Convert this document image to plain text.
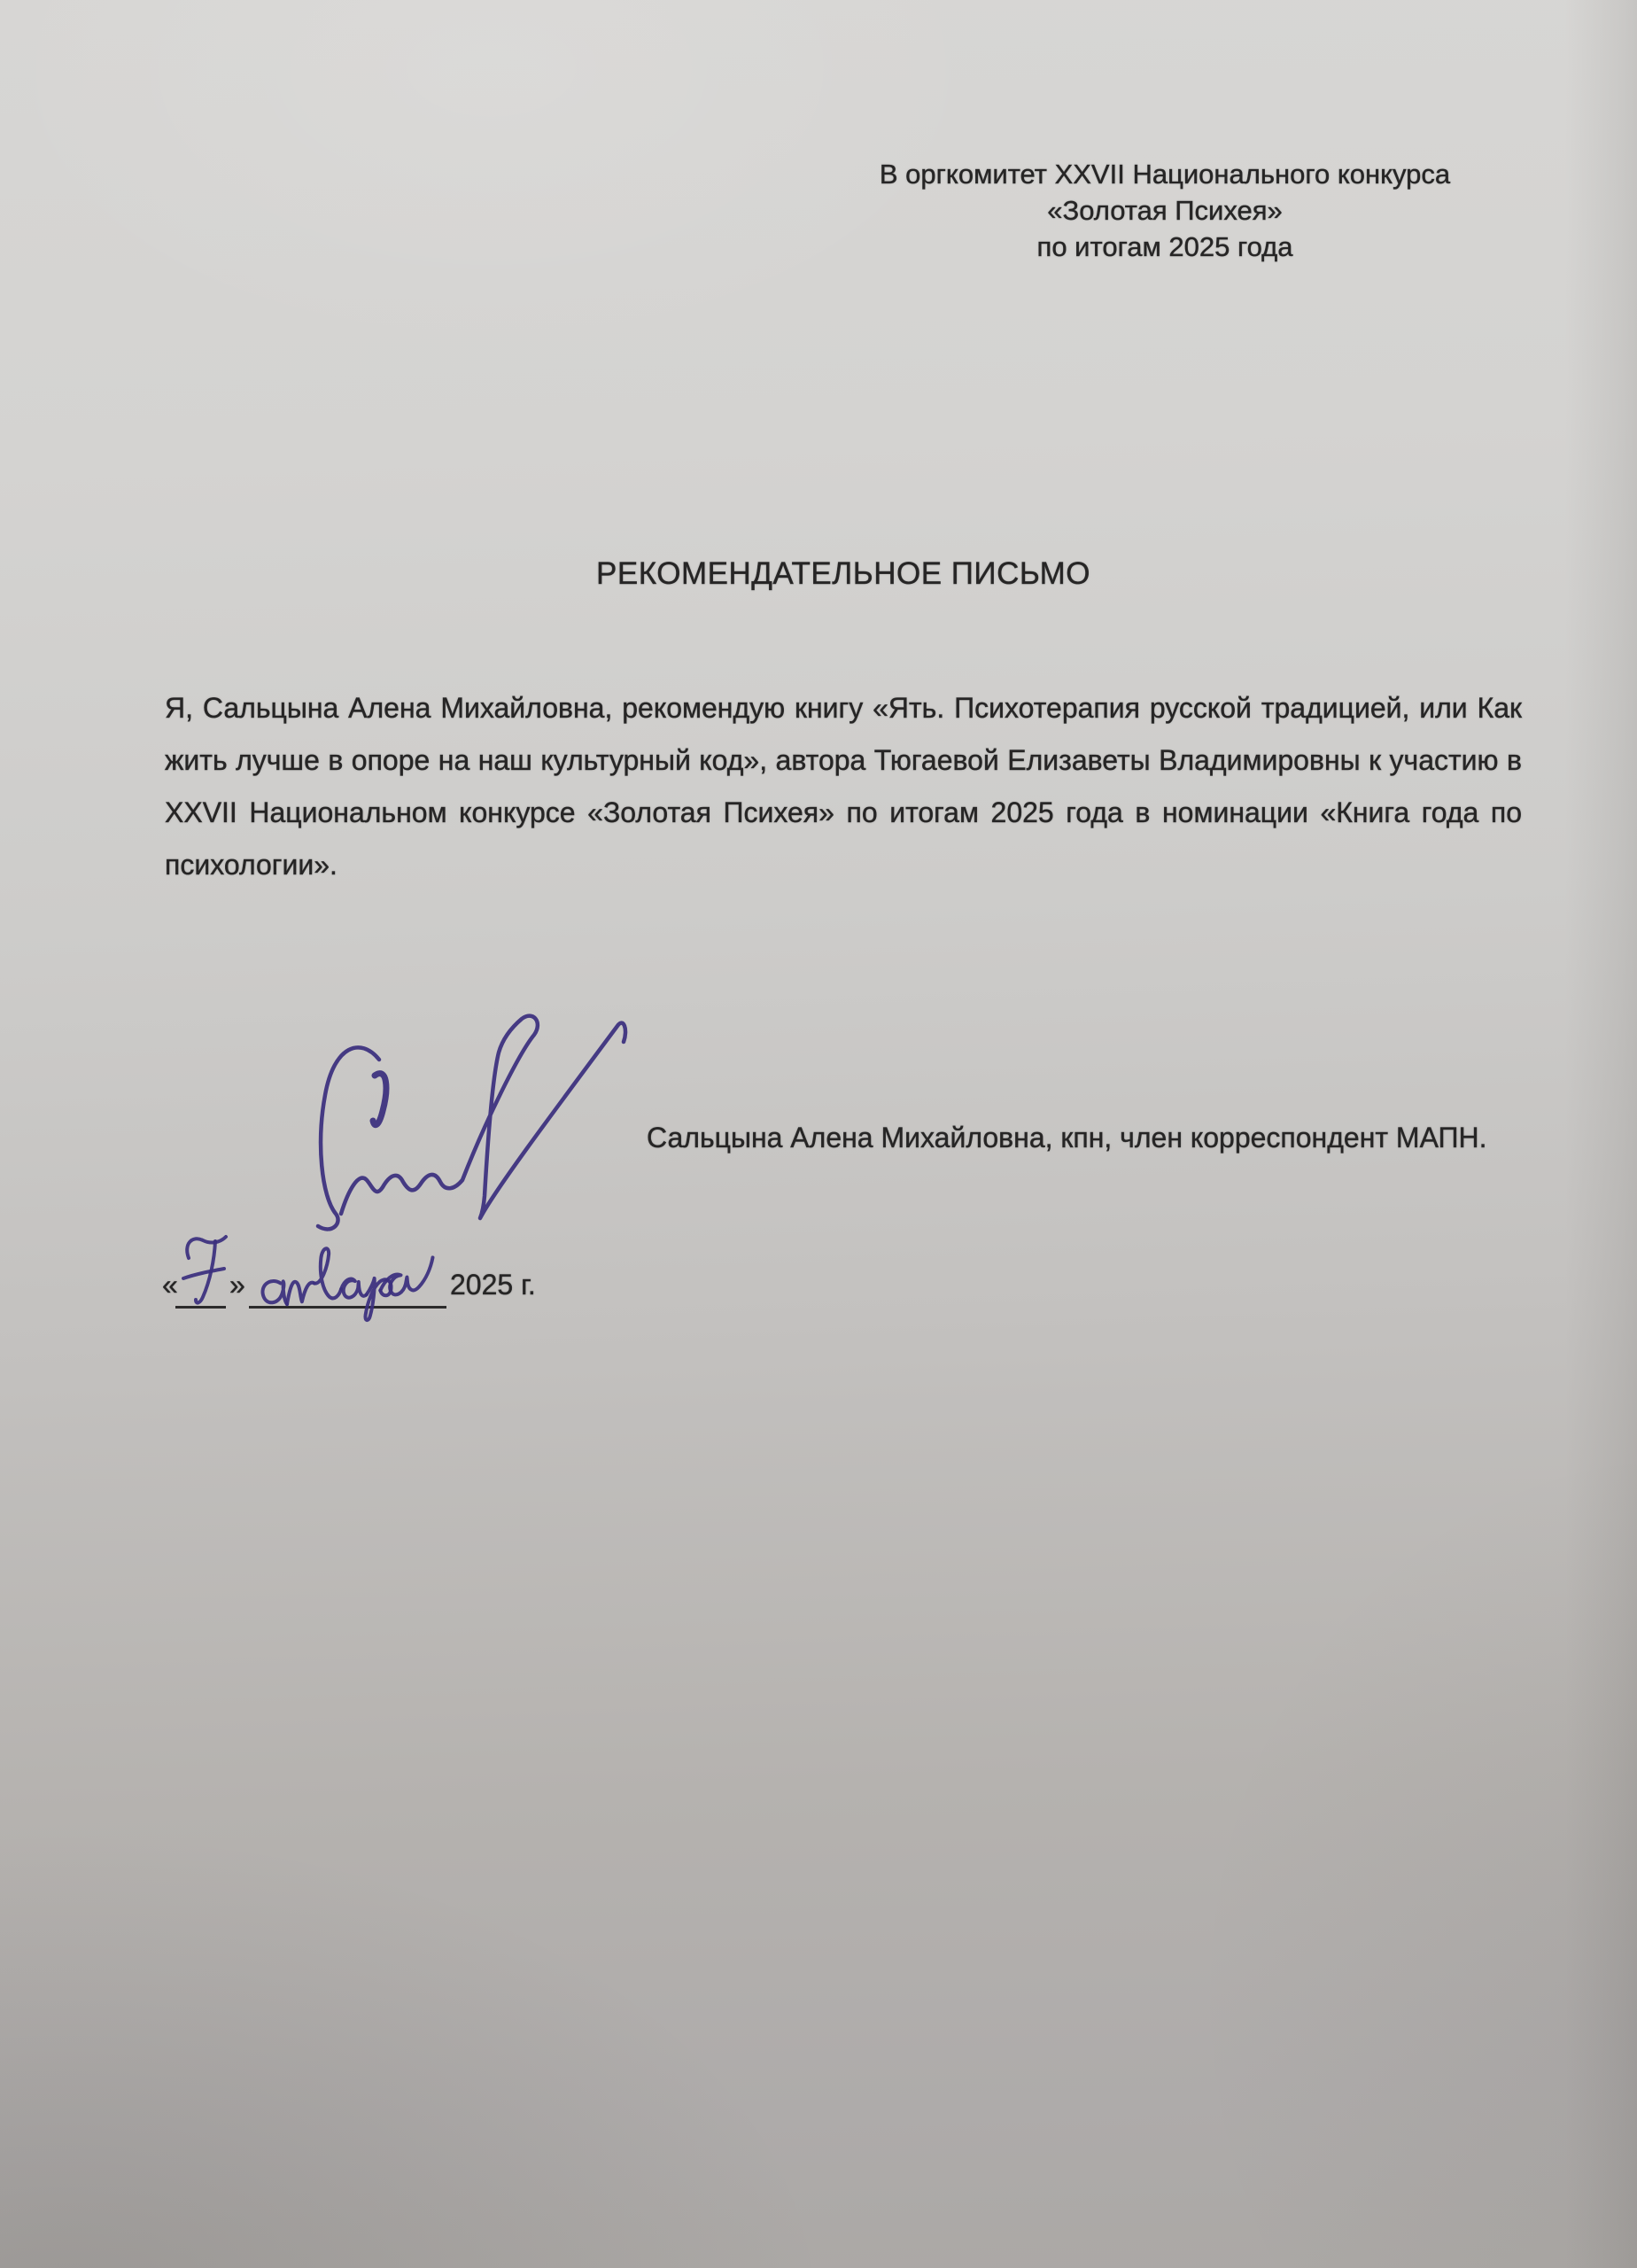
В оргкомитет XXVII Национального конкурса
«Золотая Психея»
по итогам 2025 года
РЕКОМЕНДАТЕЛЬНОЕ ПИСЬМО
Я, Сальцына Алена Михайловна, рекомендую книгу «Ять. Психотерапия русской традицией, или Как жить лучше в опоре на наш культурный код», автора Тюгаевой Елизаветы Владимировны к участию в XXVII Национальном конкурсе «Золотая Психея» по итогам 2025 года в номинации «Книга года по психологии».
Сальцына Алена Михайловна, кпн, член корреспондент МАПН.
« »	2025 г.
